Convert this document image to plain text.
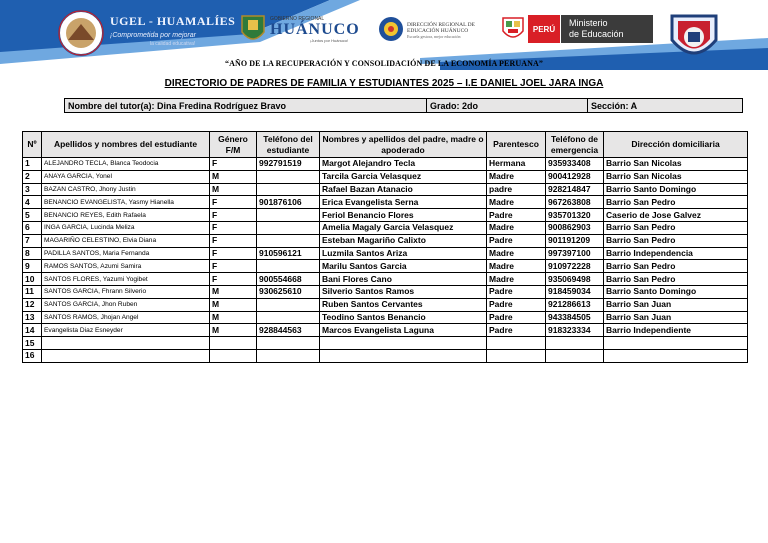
UGEL - HUAMALÍES
¡Comprometida por mejorar
la calidad educativa!
GOBIERNO REGIONAL
HUÁNUCO
¡Juntos por Huánuco!
DIRECCIÓN REGIONAL DE
EDUCACIÓN HUÁNUCO
Escuela gestora, mejor educación
PERÚ
Ministerio
de Educación
“AÑO DE LA RECUPERACIÓN Y CONSOLIDACIÓN DE LA ECONOMÍA PERUANA”
DIRECTORIO DE PADRES DE FAMILIA Y ESTUDIANTES 2025 – I.E DANIEL JOEL JARA INGA
Nombre del tutor(a): Dina Fredina Rodríguez Bravo	Grado: 2do	Sección: A
Nº	Apellidos y nombres del estudiante	Género F/M	Teléfono del estudiante	Nombres y apellidos del padre, madre o apoderado	Parentesco	Teléfono de emergencia	Dirección domiciliaria
1	ALEJANDRO TECLA, Blanca Teodocia	F	992791519	Margot Alejandro Tecla	Hermana	935933408	Barrio San Nicolas
2	ANAYA GARCIA, Yonel	M		Tarcila Garcia Velasquez	Madre	900412928	Barrio San Nicolas
3	BAZAN CASTRO, Jhony Justin	M		Rafael Bazan Atanacio	padre	928214847	Barrio Santo Domingo
4	BENANCIO EVANGELISTA, Yasmy Hianella	F	901876106	Erica Evangelista Serna	Madre	967263808	Barrio San Pedro
5	BENANCIO REYES, Edith Rafaela	F		Feriol Benancio Flores	Padre	935701320	Caserio de Jose Galvez
6	INGA GARCIA, Lucinda Meliza	F		Amelia Magaly Garcia Velasquez	Madre	900862903	Barrio San Pedro
7	MAGARIÑO CELESTINO, Elvia Diana	F		Esteban Magariño Calixto	Padre	901191209	Barrio San Pedro
8	PADILLA SANTOS, Maria Fernanda	F	910596121	Luzmila Santos Ariza	Madre	997397100	Barrio Independencia
9	RAMOS SANTOS, Azumi Samira	F		Marilu Santos Garcia	Madre	910972228	Barrio San Pedro
10	SANTOS FLORES, Yazumi Yogibet	F	900554668	Bani Flores Cano	Madre	935069498	Barrio San Pedro
11	SANTOS GARCIA, Fhrann Silverio	M	930625610	Silverio Santos Ramos	Padre	918459034	Barrio Santo Domingo
12	SANTOS GARCIA, Jhon Ruben	M		Ruben Santos Cervantes	Padre	921286613	Barrio San Juan
13	SANTOS RAMOS, Jhojan Angel	M		Teodino Santos Benancio	Padre	943384505	Barrio San Juan
14	Evangelista Diaz Esneyder	M	928844563	Marcos Evangelista Laguna	Padre	918323334	Barrio Independiente
15							
16							
